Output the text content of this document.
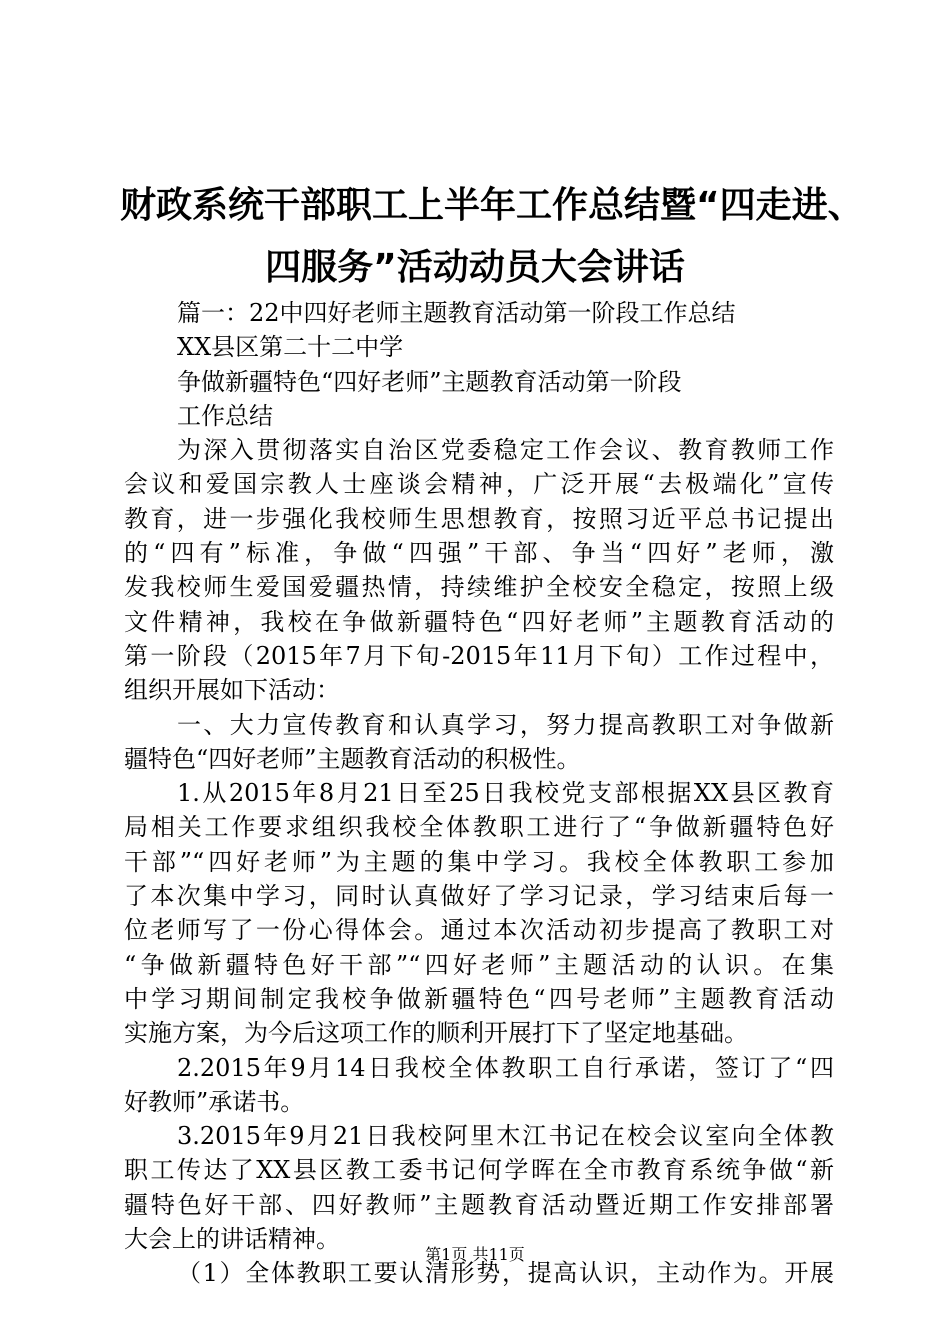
财政系统干部职工上半年工作总结暨“四走进、
四服务”活动动员大会讲话
篇一：22中四好老师主题教育活动第一阶段工作总结
XX县区第二十二中学
争做新疆特色“四好老师”主题教育活动第一阶段
工作总结
为深入贯彻落实自治区党委稳定工作会议、教育教师工作
会议和爱国宗教人士座谈会精神，广泛开展“去极端化”宣传
教育，进一步强化我校师生思想教育，按照习近平总书记提出
的“四有”标准，争做“四强”干部、争当“四好”老师，激
发我校师生爱国爱疆热情，持续维护全校安全稳定，按照上级
文件精神，我校在争做新疆特色“四好老师”主题教育活动的
第一阶段（2015年7月下旬-2015年11月下旬）工作过程中，
组织开展如下活动：
一、大力宣传教育和认真学习，努力提高教职工对争做新
疆特色“四好老师”主题教育活动的积极性。
1.从2015年8月21日至25日我校党支部根据XX县区教育
局相关工作要求组织我校全体教职工进行了“争做新疆特色好
干部”“四好老师”为主题的集中学习。我校全体教职工参加
了本次集中学习，同时认真做好了学习记录，学习结束后每一
位老师写了一份心得体会。通过本次活动初步提高了教职工对
“争做新疆特色好干部”“四好老师”主题活动的认识。在集
中学习期间制定我校争做新疆特色“四号老师”主题教育活动
实施方案，为今后这项工作的顺利开展打下了坚定地基础。
2.2015年9月14日我校全体教职工自行承诺，签订了“四
好教师”承诺书。
3.2015年9月21日我校阿里木江书记在校会议室向全体教
职工传达了XX县区教工委书记何学晖在全市教育系统争做“新
疆特色好干部、四好教师”主题教育活动暨近期工作安排部署
大会上的讲话精神。
（1）全体教职工要认清形势，提高认识，主动作为。开展
第1页 共11页
